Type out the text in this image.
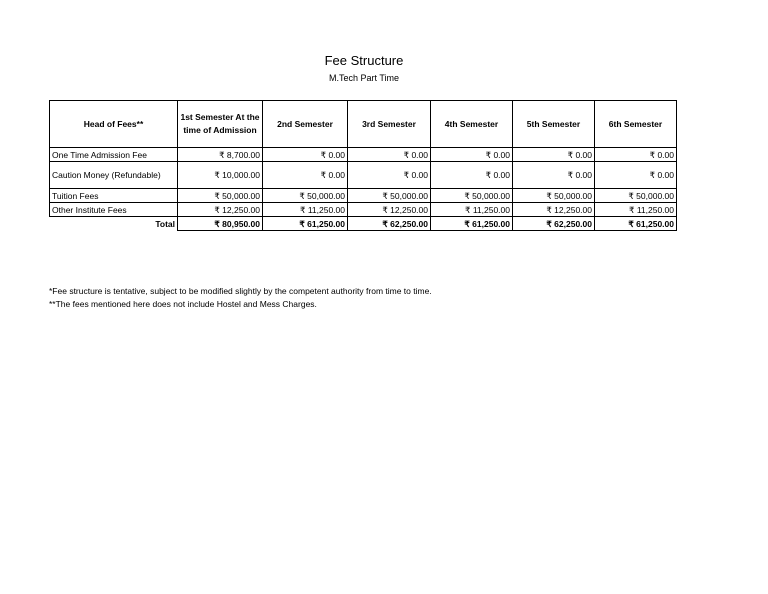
Fee Structure
M.Tech Part Time
Head of Fees**	1st Semester At the time of Admission	2nd Semester	3rd Semester	4th Semester	5th Semester	6th Semester
One Time Admission Fee	₹ 8,700.00	₹ 0.00	₹ 0.00	₹ 0.00	₹ 0.00	₹ 0.00
Caution Money (Refundable)	₹ 10,000.00	₹ 0.00	₹ 0.00	₹ 0.00	₹ 0.00	₹ 0.00
Tuition Fees	₹ 50,000.00	₹ 50,000.00	₹ 50,000.00	₹ 50,000.00	₹ 50,000.00	₹ 50,000.00
Other Institute Fees	₹ 12,250.00	₹ 11,250.00	₹ 12,250.00	₹ 11,250.00	₹ 12,250.00	₹ 11,250.00
Total	₹ 80,950.00	₹ 61,250.00	₹ 62,250.00	₹ 61,250.00	₹ 62,250.00	₹ 61,250.00
*Fee structure is tentative, subject to be modified slightly by the competent authority from time to time.
**The fees mentioned here does not include Hostel and Mess Charges.
